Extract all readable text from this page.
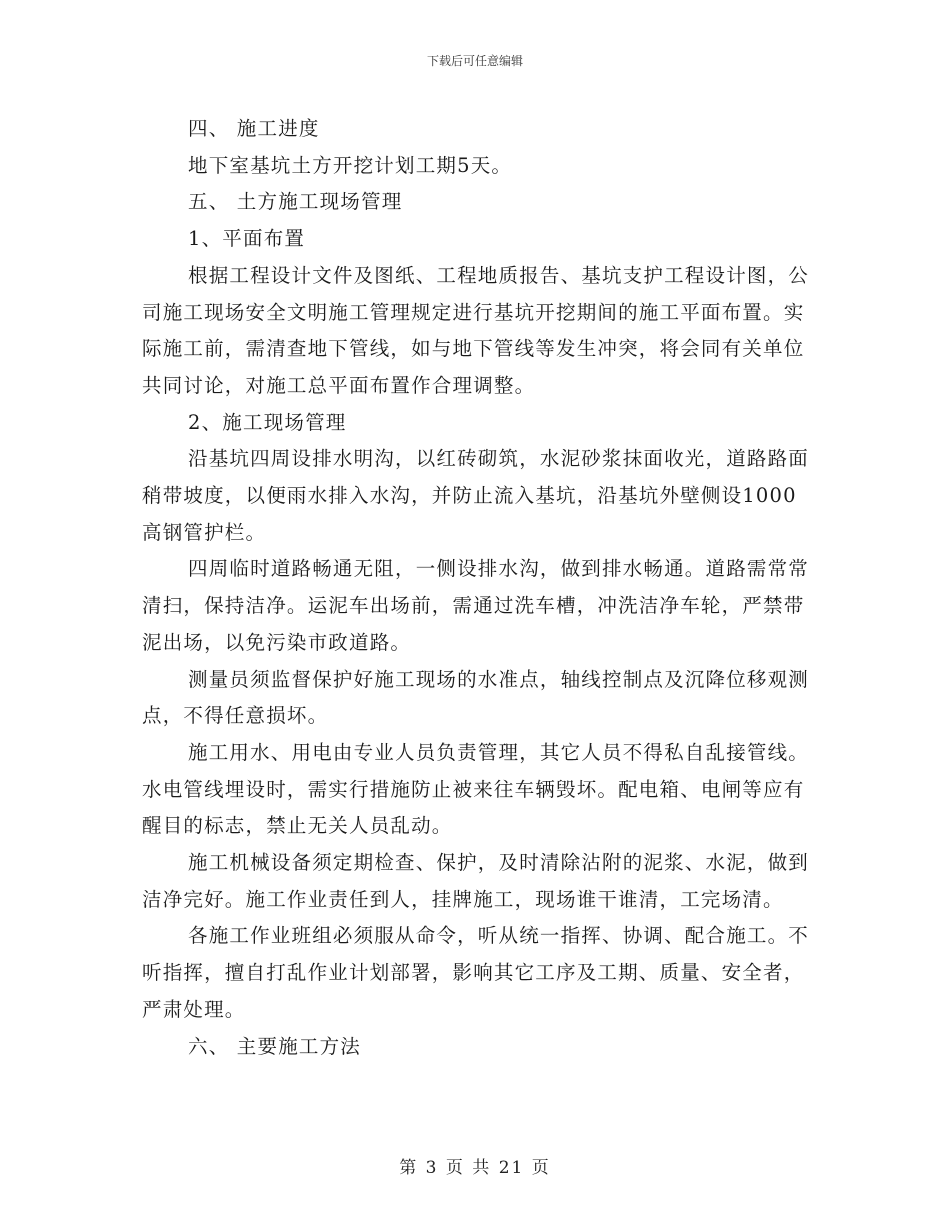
下载后可任意编辑

四、 施工进度

地下室基坑土方开挖计划工期5天。

五、 土方施工现场管理

1、平面布置

根据工程设计文件及图纸、工程地质报告、基坑支护工程设计图，公司施工现场安全文明施工管理规定进行基坑开挖期间的施工平面布置。实际施工前，需清查地下管线，如与地下管线等发生冲突，将会同有关单位共同讨论，对施工总平面布置作合理调整。

2、施工现场管理

沿基坑四周设排水明沟，以红砖砌筑，水泥砂浆抹面收光，道路路面稍带坡度，以便雨水排入水沟，并防止流入基坑，沿基坑外壁侧设1000高钢管护栏。

四周临时道路畅通无阻，一侧设排水沟，做到排水畅通。道路需常常清扫，保持洁净。运泥车出场前，需通过洗车槽，冲洗洁净车轮，严禁带泥出场，以免污染市政道路。

测量员须监督保护好施工现场的水准点，轴线控制点及沉降位移观测点，不得任意损坏。

施工用水、用电由专业人员负责管理，其它人员不得私自乱接管线。水电管线埋设时，需实行措施防止被来往车辆毁坏。配电箱、电闸等应有醒目的标志，禁止无关人员乱动。

施工机械设备须定期检查、保护，及时清除沾附的泥浆、水泥，做到洁净完好。施工作业责任到人，挂牌施工，现场谁干谁清，工完场清。

各施工作业班组必须服从命令，听从统一指挥、协调、配合施工。不听指挥，擅自打乱作业计划部署，影响其它工序及工期、质量、安全者，严肃处理。

六、 主要施工方法

第 3 页 共 21 页
